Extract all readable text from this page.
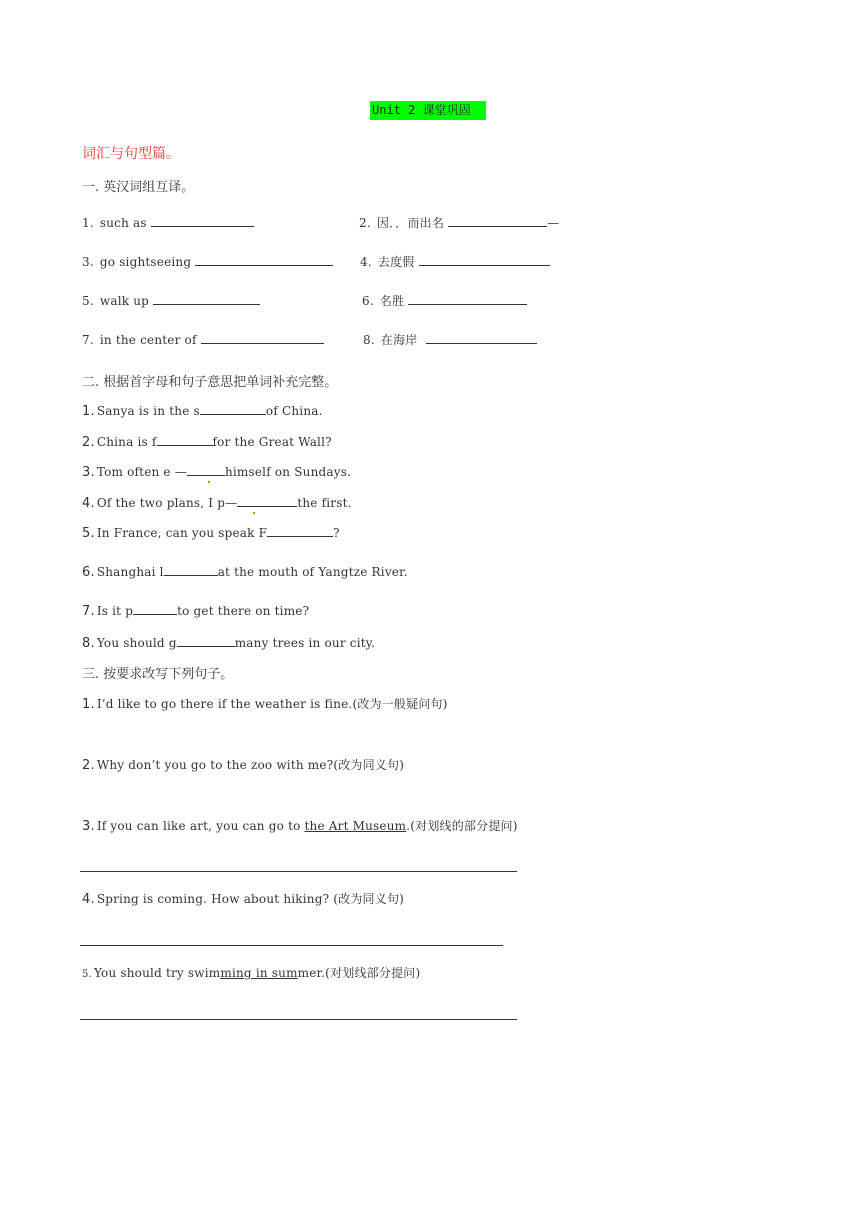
Unit 2 课堂巩固
词汇与句型篇。
一. 英汉词组互译。
1. such as	2. 因．．而出名	—
3. go sightseeing	4. 去度假
5. walk up	6. 名胜
7. in the center of	8. 在海岸
二. 根据首字母和句子意思把单词补充完整。
1. Sanya is in the s	of China.
2. China is f	for the Great Wall?
3. Tom often e —	himself on Sundays.
4. Of the two plans, I p—	the first.
5. In France, can you speak F	?
6. Shanghai l	at the mouth of Yangtze River.
7. Is it p	to get there on time?
8. You should g	many trees in our city.
三. 按要求改写下列句子。
1. I’d like to go there if the weather is fine.(改为一般疑问句)
2. Why don’t you go to the zoo with me?(改为同义句)
3. If you can like art, you can go to the Art Museum.(对划线的部分提问)
4. Spring is coming. How about hiking? (改为同义句)
5. You should try swimming in summer.(对划线部分提问)
